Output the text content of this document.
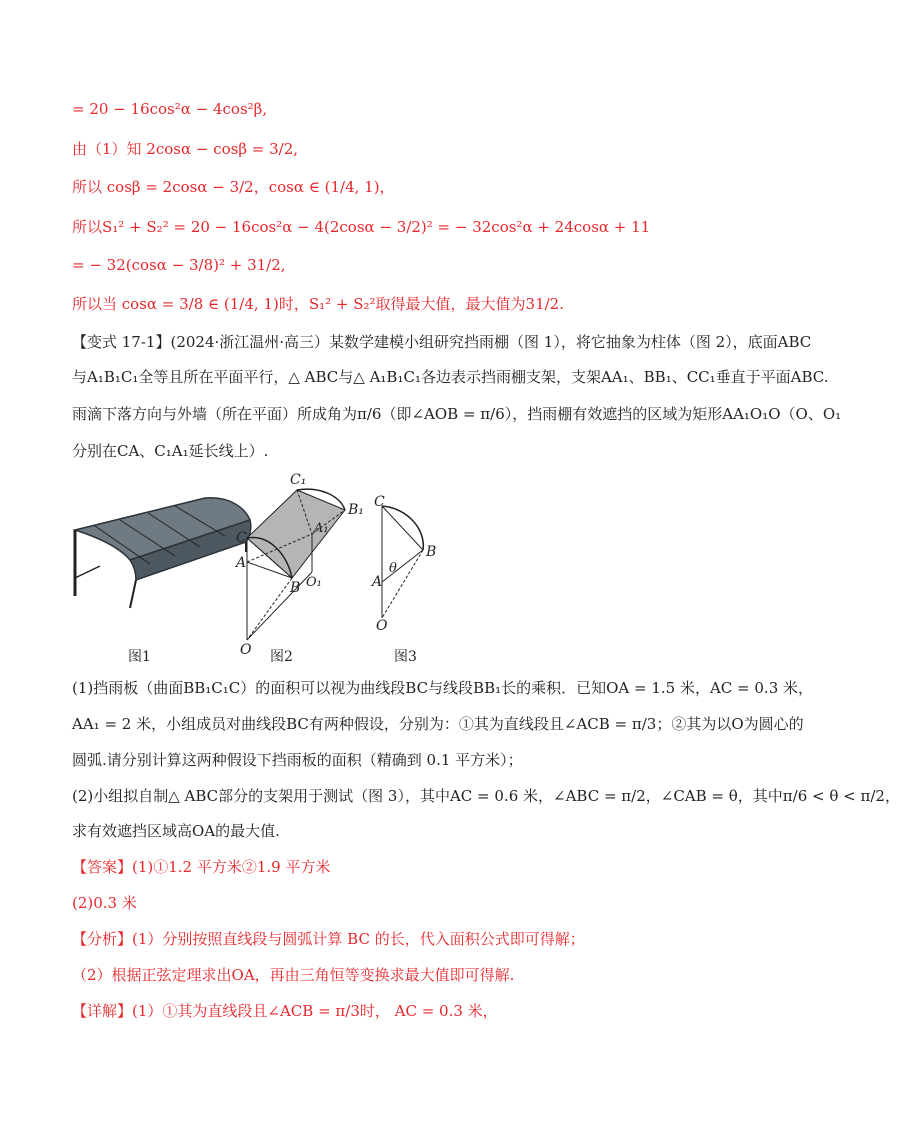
= 20 − 16cos²α − 4cos²β,
由（1）知 2cosα − cosβ = 3/2,
所以 cosβ = 2cosα − 3/2，cosα ∈ (1/4, 1)，
所以S₁² + S₂² = 20 − 16cos²α − 4(2cosα − 3/2)² = − 32cos²α + 24cosα + 11
= − 32(cosα − 3/8)² + 31/2,
所以当 cosα = 3/8 ∈ (1/4, 1)时，S₁² + S₂²取得最大值，最大值为31/2.
【变式 17-1】(2024·浙江温州·高三）某数学建模小组研究挡雨棚（图 1），将它抽象为柱体（图 2），底面ABC
与A₁B₁C₁全等且所在平面平行，△ ABC与△ A₁B₁C₁各边表示挡雨棚支架，支架AA₁、BB₁、CC₁垂直于平面ABC.
雨滴下落方向与外墙（所在平面）所成角为π/6（即∠AOB = π/6），挡雨棚有效遮挡的区域为矩形AA₁O₁O（O、O₁
分别在CA、C₁A₁延长线上）.
C₁
B₁
A₁
C
A
B O₁
O
C
B
A
θ
O
图1	图2	图3
(1)挡雨板（曲面BB₁C₁C）的面积可以视为曲线段BC与线段BB₁长的乘积．已知OA = 1.5 米，AC = 0.3 米，
AA₁ = 2 米，小组成员对曲线段BC有两种假设，分别为：①其为直线段且∠ACB = π/3；②其为以O为圆心的
圆弧.请分别计算这两种假设下挡雨板的面积（精确到 0.1 平方米）；
(2)小组拟自制△ ABC部分的支架用于测试（图 3），其中AC = 0.6 米，∠ABC = π/2，∠CAB = θ，其中π/6 < θ < π/2，
求有效遮挡区域高OA的最大值.
【答案】(1)①1.2 平方米②1.9 平方米
(2)0.3 米
【分析】(1）分别按照直线段与圆弧计算 BC 的长，代入面积公式即可得解；
（2）根据正弦定理求出OA，再由三角恒等变换求最大值即可得解.
【详解】(1）①其为直线段且∠ACB = π/3时， AC = 0.3 米，
